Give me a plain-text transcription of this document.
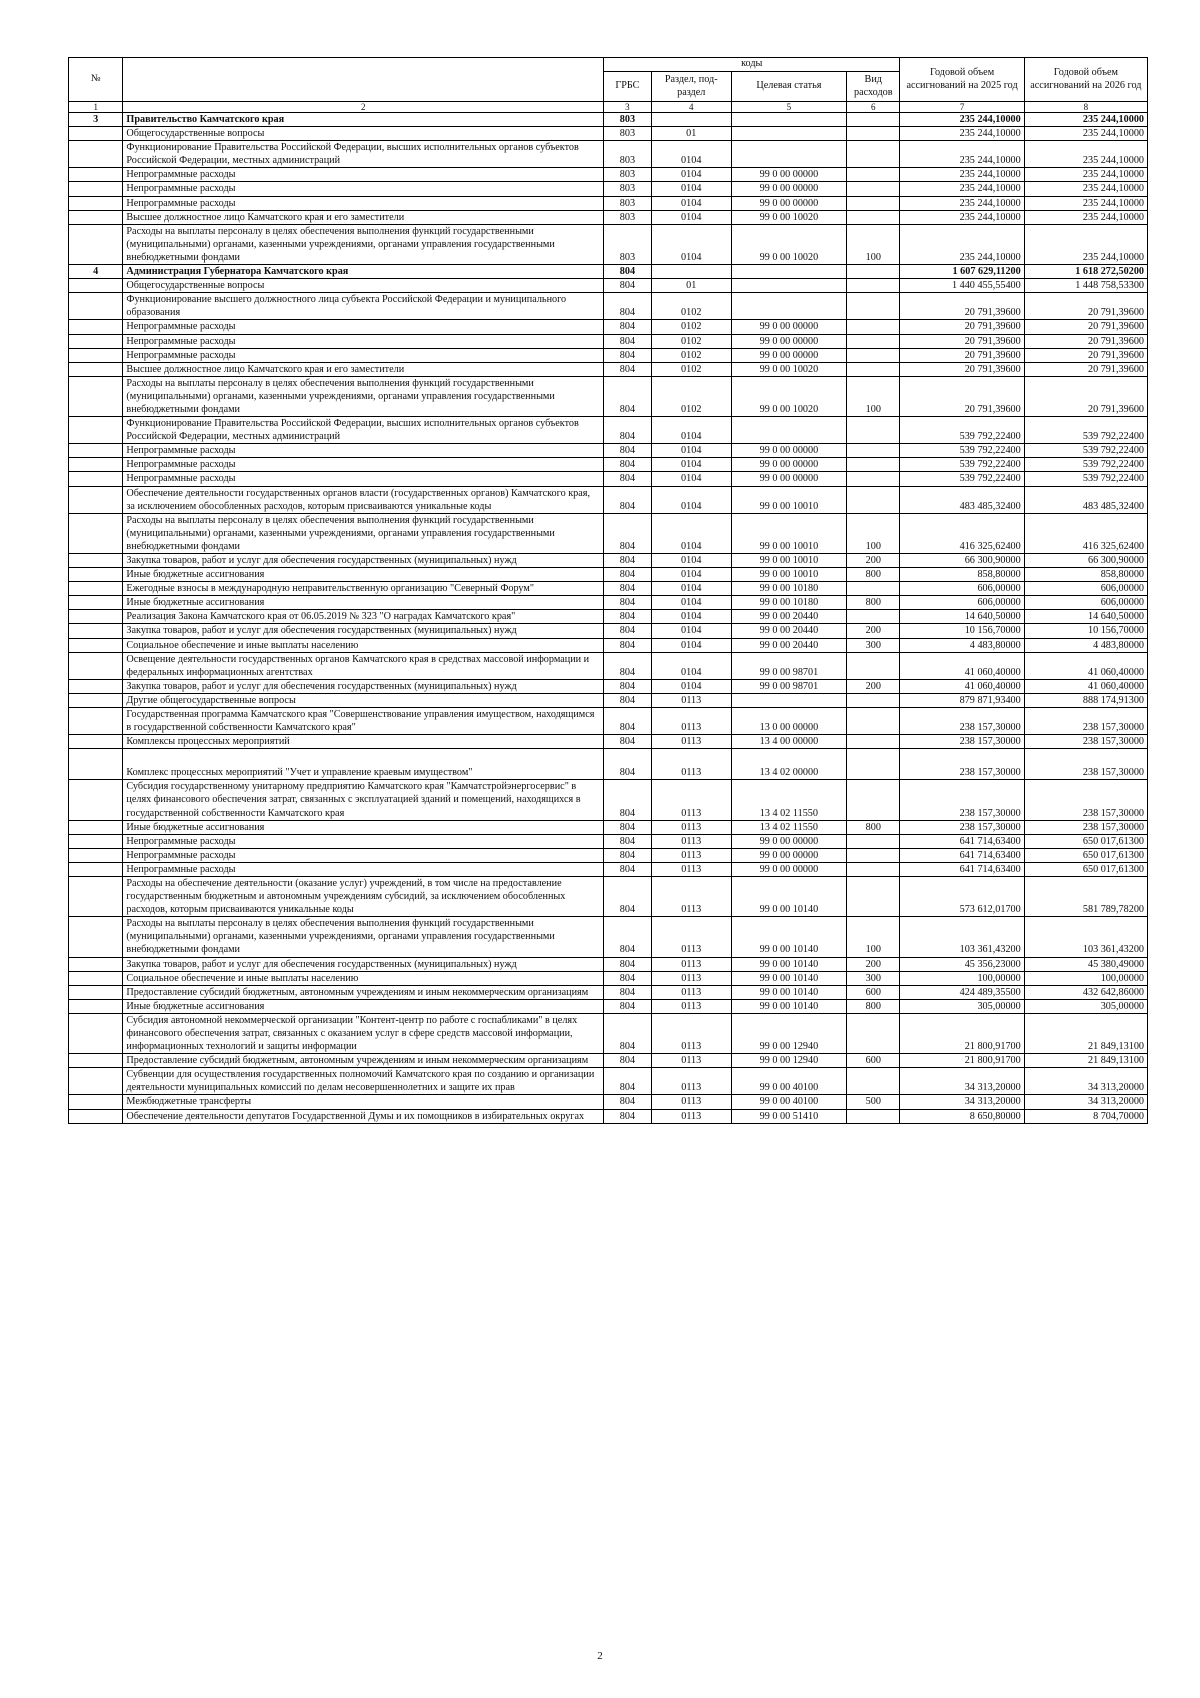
№		коды				Годовой объем ассигнований на 2025 год	Годовой объем ассигнований на 2026 год
		ГРБС	Раздел, под-раздел	Целевая статья	Вид расходов		
1	2	3	4	5	6	7	8
3	Правительство Камчатского края	803				235 244,10000	235 244,10000
	Общегосударственные вопросы	803	01			235 244,10000	235 244,10000
	Функционирование Правительства Российской Федерации, высших исполнительных органов субъектов Российской Федерации, местных администраций	803	0104			235 244,10000	235 244,10000
	Непрограммные расходы	803	0104	99 0 00 00000		235 244,10000	235 244,10000
	Непрограммные расходы	803	0104	99 0 00 00000		235 244,10000	235 244,10000
	Непрограммные расходы	803	0104	99 0 00 00000		235 244,10000	235 244,10000
	Высшее должностное лицо Камчатского края и его заместители	803	0104	99 0 00 10020		235 244,10000	235 244,10000
	Расходы на выплаты персоналу в целях обеспечения выполнения функций государственными (муниципальными) органами, казенными учреждениями, органами управления государственными внебюджетными фондами	803	0104	99 0 00 10020	100	235 244,10000	235 244,10000
4	Администрация Губернатора Камчатского края	804				1 607 629,11200	1 618 272,50200
	Общегосударственные вопросы	804	01			1 440 455,55400	1 448 758,53300
	Функционирование высшего должностного лица субъекта Российской Федерации и муниципального образования	804	0102			20 791,39600	20 791,39600
	Непрограммные расходы	804	0102	99 0 00 00000		20 791,39600	20 791,39600
	Непрограммные расходы	804	0102	99 0 00 00000		20 791,39600	20 791,39600
	Непрограммные расходы	804	0102	99 0 00 00000		20 791,39600	20 791,39600
	Высшее должностное лицо Камчатского края и его заместители	804	0102	99 0 00 10020		20 791,39600	20 791,39600
	Расходы на выплаты персоналу в целях обеспечения выполнения функций государственными (муниципальными) органами, казенными учреждениями, органами управления государственными внебюджетными фондами	804	0102	99 0 00 10020	100	20 791,39600	20 791,39600
	Функционирование Правительства Российской Федерации, высших исполнительных органов субъектов Российской Федерации, местных администраций	804	0104			539 792,22400	539 792,22400
	Непрограммные расходы	804	0104	99 0 00 00000		539 792,22400	539 792,22400
	Непрограммные расходы	804	0104	99 0 00 00000		539 792,22400	539 792,22400
	Непрограммные расходы	804	0104	99 0 00 00000		539 792,22400	539 792,22400
	Обеспечение деятельности государственных органов власти (государственных органов) Камчатского края, за исключением обособленных расходов, которым присваиваются уникальные коды	804	0104	99 0 00 10010		483 485,32400	483 485,32400
	Расходы на выплаты персоналу в целях обеспечения выполнения функций государственными (муниципальными) органами, казенными учреждениями, органами управления государственными внебюджетными фондами	804	0104	99 0 00 10010	100	416 325,62400	416 325,62400
	Закупка товаров, работ и услуг для обеспечения государственных (муниципальных) нужд	804	0104	99 0 00 10010	200	66 300,90000	66 300,90000
	Иные бюджетные ассигнования	804	0104	99 0 00 10010	800	858,80000	858,80000
	Ежегодные взносы в международную неправительственную организацию "Северный Форум"	804	0104	99 0 00 10180		606,00000	606,00000
	Иные бюджетные ассигнования	804	0104	99 0 00 10180	800	606,00000	606,00000
	Реализация Закона Камчатского края от 06.05.2019 № 323 "О наградах Камчатского края"	804	0104	99 0 00 20440		14 640,50000	14 640,50000
	Закупка товаров, работ и услуг для обеспечения государственных (муниципальных) нужд	804	0104	99 0 00 20440	200	10 156,70000	10 156,70000
	Социальное обеспечение и иные выплаты населению	804	0104	99 0 00 20440	300	4 483,80000	4 483,80000
	Освещение деятельности государственных органов Камчатского края в средствах массовой информации и федеральных информационных агентствах	804	0104	99 0 00 98701		41 060,40000	41 060,40000
	Закупка товаров, работ и услуг для обеспечения государственных (муниципальных) нужд	804	0104	99 0 00 98701	200	41 060,40000	41 060,40000
	Другие общегосударственные вопросы	804	0113			879 871,93400	888 174,91300
	Государственная программа Камчатского края "Совершенствование управления имуществом, находящимся в государственной собственности Камчатского края"	804	0113	13 0 00 00000		238 157,30000	238 157,30000
	Комплексы процессных мероприятий	804	0113	13 4 00 00000		238 157,30000	238 157,30000
	Комплекс процессных мероприятий "Учет и управление краевым имуществом"	804	0113	13 4 02 00000		238 157,30000	238 157,30000
	Субсидия государственному унитарному предприятию Камчатского края "Камчатстройэнергосервис" в целях финансового обеспечения затрат, связанных с эксплуатацией зданий и помещений, находящихся в государственной собственности Камчатского края	804	0113	13 4 02 11550		238 157,30000	238 157,30000
	Иные бюджетные ассигнования	804	0113	13 4 02 11550	800	238 157,30000	238 157,30000
	Непрограммные расходы	804	0113	99 0 00 00000		641 714,63400	650 017,61300
	Непрограммные расходы	804	0113	99 0 00 00000		641 714,63400	650 017,61300
	Непрограммные расходы	804	0113	99 0 00 00000		641 714,63400	650 017,61300
	Расходы на обеспечение деятельности (оказание услуг) учреждений, в том числе на предоставление государственным бюджетным и автономным учреждениям субсидий, за исключением обособленных расходов, которым присваиваются уникальные коды	804	0113	99 0 00 10140		573 612,01700	581 789,78200
	Расходы на выплаты персоналу в целях обеспечения выполнения функций государственными (муниципальными) органами, казенными учреждениями, органами управления государственными внебюджетными фондами	804	0113	99 0 00 10140	100	103 361,43200	103 361,43200
	Закупка товаров, работ и услуг для обеспечения государственных (муниципальных) нужд	804	0113	99 0 00 10140	200	45 356,23000	45 380,49000
	Социальное обеспечение и иные выплаты населению	804	0113	99 0 00 10140	300	100,00000	100,00000
	Предоставление субсидий бюджетным, автономным учреждениям и иным некоммерческим организациям	804	0113	99 0 00 10140	600	424 489,35500	432 642,86000
	Иные бюджетные ассигнования	804	0113	99 0 00 10140	800	305,00000	305,00000
	Субсидия автономной некоммерческой организации "Контент-центр по работе с госпабликами" в целях финансового обеспечения затрат, связанных с оказанием услуг в сфере средств массовой информации, информационных технологий и защиты информации	804	0113	99 0 00 12940		21 800,91700	21 849,13100
	Предоставление субсидий бюджетным, автономным учреждениям и иным некоммерческим организациям	804	0113	99 0 00 12940	600	21 800,91700	21 849,13100
	Субвенции для осуществления государственных полномочий Камчатского края по созданию и организации деятельности муниципальных комиссий по делам несовершеннолетних и защите их прав	804	0113	99 0 00 40100		34 313,20000	34 313,20000
	Межбюджетные трансферты	804	0113	99 0 00 40100	500	34 313,20000	34 313,20000
	Обеспечение деятельности депутатов Государственной Думы и их помощников в избирательных округах	804	0113	99 0 00 51410		8 650,80000	8 704,70000
2
